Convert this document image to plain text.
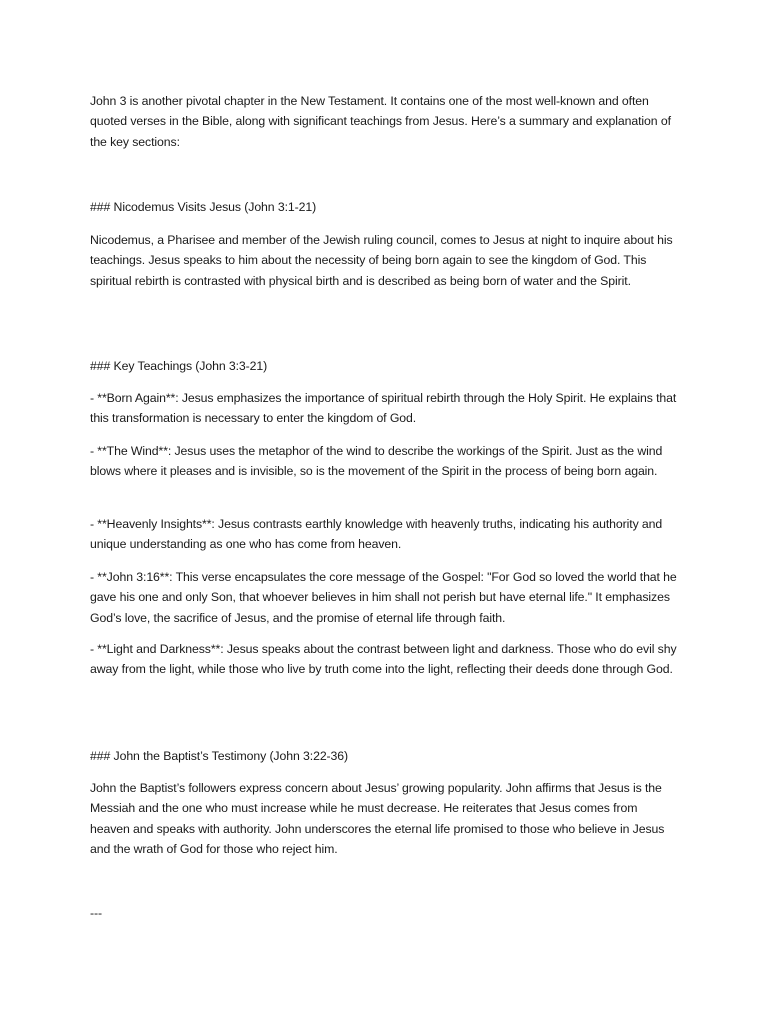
John 3 is another pivotal chapter in the New Testament. It contains one of the most well-known and often quoted verses in the Bible, along with significant teachings from Jesus. Here’s a summary and explanation of the key sections:

### Nicodemus Visits Jesus (John 3:1-21)

Nicodemus, a Pharisee and member of the Jewish ruling council, comes to Jesus at night to inquire about his teachings. Jesus speaks to him about the necessity of being born again to see the kingdom of God. This spiritual rebirth is contrasted with physical birth and is described as being born of water and the Spirit.

### Key Teachings (John 3:3-21)

- **Born Again**: Jesus emphasizes the importance of spiritual rebirth through the Holy Spirit. He explains that this transformation is necessary to enter the kingdom of God.

- **The Wind**: Jesus uses the metaphor of the wind to describe the workings of the Spirit. Just as the wind blows where it pleases and is invisible, so is the movement of the Spirit in the process of being born again.

- **Heavenly Insights**: Jesus contrasts earthly knowledge with heavenly truths, indicating his authority and unique understanding as one who has come from heaven.

- **John 3:16**: This verse encapsulates the core message of the Gospel: "For God so loved the world that he gave his one and only Son, that whoever believes in him shall not perish but have eternal life." It emphasizes God’s love, the sacrifice of Jesus, and the promise of eternal life through faith.

- **Light and Darkness**: Jesus speaks about the contrast between light and darkness. Those who do evil shy away from the light, while those who live by truth come into the light, reflecting their deeds done through God.

### John the Baptist’s Testimony (John 3:22-36)

John the Baptist’s followers express concern about Jesus’ growing popularity. John affirms that Jesus is the Messiah and the one who must increase while he must decrease. He reiterates that Jesus comes from heaven and speaks with authority. John underscores the eternal life promised to those who believe in Jesus and the wrath of God for those who reject him.

---
